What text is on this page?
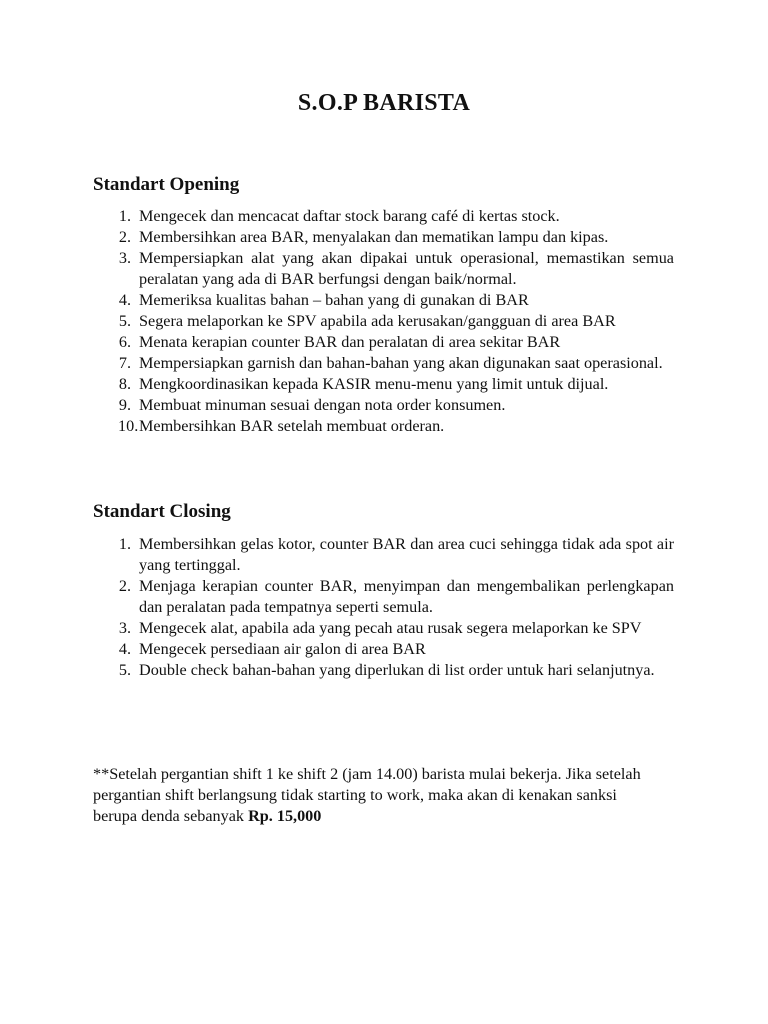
S.O.P BARISTA
Standart Opening
1. Mengecek dan mencacat daftar stock barang café di kertas stock.
2. Membersihkan area BAR, menyalakan dan mematikan lampu dan kipas.
3. Mempersiapkan alat yang akan dipakai untuk operasional, memastikan semua peralatan yang ada di BAR berfungsi dengan baik/normal.
4. Memeriksa kualitas bahan – bahan yang di gunakan di BAR
5. Segera melaporkan ke SPV apabila ada kerusakan/gangguan di area BAR
6. Menata kerapian counter BAR dan peralatan di area sekitar BAR
7. Mempersiapkan garnish dan bahan-bahan yang akan digunakan saat operasional.
8. Mengkoordinasikan kepada KASIR menu-menu yang limit untuk dijual.
9. Membuat minuman sesuai dengan nota order konsumen.
10. Membersihkan BAR setelah membuat orderan.
Standart Closing
1. Membersihkan gelas kotor, counter BAR dan area cuci sehingga tidak ada spot air yang tertinggal.
2. Menjaga kerapian counter BAR, menyimpan dan mengembalikan perlengkapan dan peralatan pada tempatnya seperti semula.
3. Mengecek alat, apabila ada yang pecah atau rusak segera melaporkan ke SPV
4. Mengecek persediaan air galon di area BAR
5. Double check bahan-bahan yang diperlukan di list order untuk hari selanjutnya.

**Setelah pergantian shift 1 ke shift 2 (jam 14.00) barista mulai bekerja. Jika setelah pergantian shift berlangsung tidak starting to work, maka akan di kenakan sanksi berupa denda sebanyak Rp. 15,000
